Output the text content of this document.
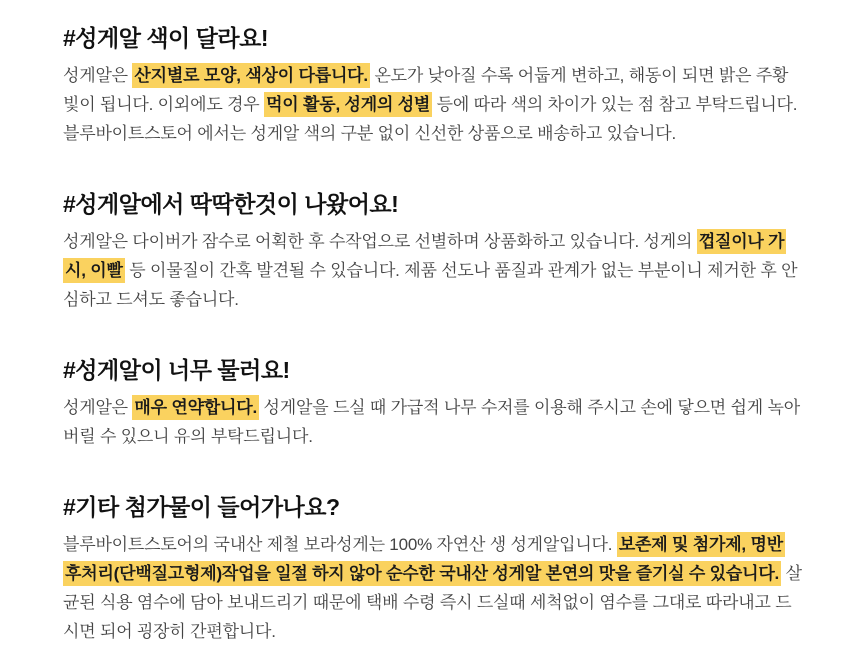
#성게알 색이 달라요!

성게알은 산지별로 모양, 색상이 다릅니다. 온도가 낮아질 수록 어둡게 변하고, 해동이 되면 밝은 주황빛이 됩니다. 이외에도 경우 먹이 활동, 성게의 성별 등에 따라 색의 차이가 있는 점 참고 부탁드립니다. 블루바이트스토어 에서는 성게알 색의 구분 없이 신선한 상품으로 배송하고 있습니다.

#성게알에서 딱딱한것이 나왔어요!

성게알은 다이버가 잠수로 어획한 후 수작업으로 선별하며 상품화하고 있습니다. 성게의 껍질이나 가시, 이빨 등 이물질이 간혹 발견될 수 있습니다. 제품 선도나 품질과 관계가 없는 부분이니 제거한 후 안심하고 드셔도 좋습니다.

#성게알이 너무 물러요!

성게알은 매우 연약합니다. 성게알을 드실 때 가급적 나무 수저를 이용해 주시고 손에 닿으면 쉽게 녹아버릴 수 있으니 유의 부탁드립니다.

#기타 첨가물이 들어가나요?

블루바이트스토어의 국내산 제철 보라성게는 100% 자연산 생 성게알입니다. 보존제 및 첨가제, 명반 후처리(단백질고형제)작업을 일절 하지 않아 순수한 국내산 성게알 본연의 맛을 즐기실 수 있습니다. 살균된 식용 염수에 담아 보내드리기 때문에 택배 수령 즉시 드실때 세척없이 염수를 그대로 따라내고 드시면 되어 굉장히 간편합니다.
